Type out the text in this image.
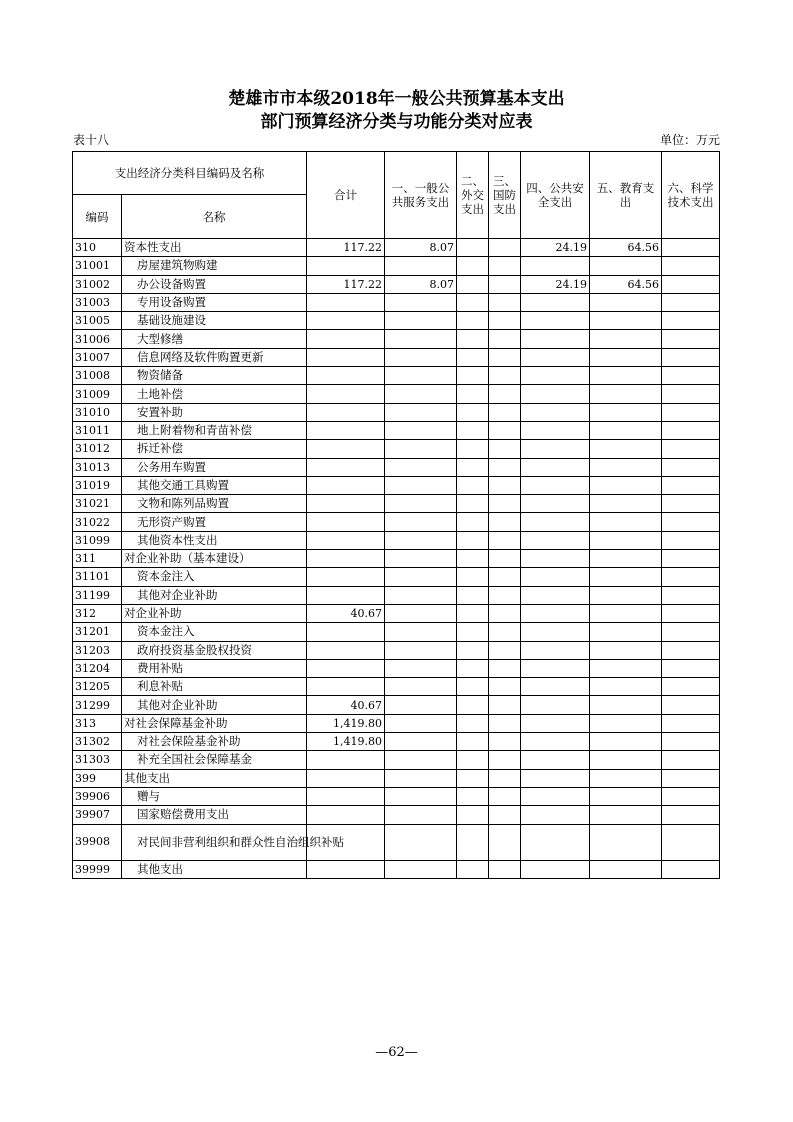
楚雄市市本级2018年一般公共预算基本支出
部门预算经济分类与功能分类对应表
表十八	单位：万元
支出经济分类科目编码及名称		合计	一、一般公共服务支出	二、外交支出	三、国防支出	四、公共安全支出	五、教育支出	六、科学技术支出
编码	名称							
310	资本性支出	117.22	8.07			24.19	64.56	
31001	房屋建筑物购建							
31002	办公设备购置	117.22	8.07			24.19	64.56	
31003	专用设备购置							
31005	基础设施建设							
31006	大型修缮							
31007	信息网络及软件购置更新							
31008	物资储备							
31009	土地补偿							
31010	安置补助							
31011	地上附着物和青苗补偿							
31012	拆迁补偿							
31013	公务用车购置							
31019	其他交通工具购置							
31021	文物和陈列品购置							
31022	无形资产购置							
31099	其他资本性支出							
311	对企业补助（基本建设）							
31101	资本金注入							
31199	其他对企业补助							
312	对企业补助	40.67						
31201	资本金注入							
31203	政府投资基金股权投资							
31204	费用补贴							
31205	利息补贴							
31299	其他对企业补助	40.67						
313	对社会保障基金补助	1,419.80						
31302	对社会保险基金补助	1,419.80						
31303	补充全国社会保障基金							
399	其他支出							
39906	赠与							
39907	国家赔偿费用支出							
39908	对民间非营利组织和群众性自治组织补贴							
39999	其他支出							
—62—
